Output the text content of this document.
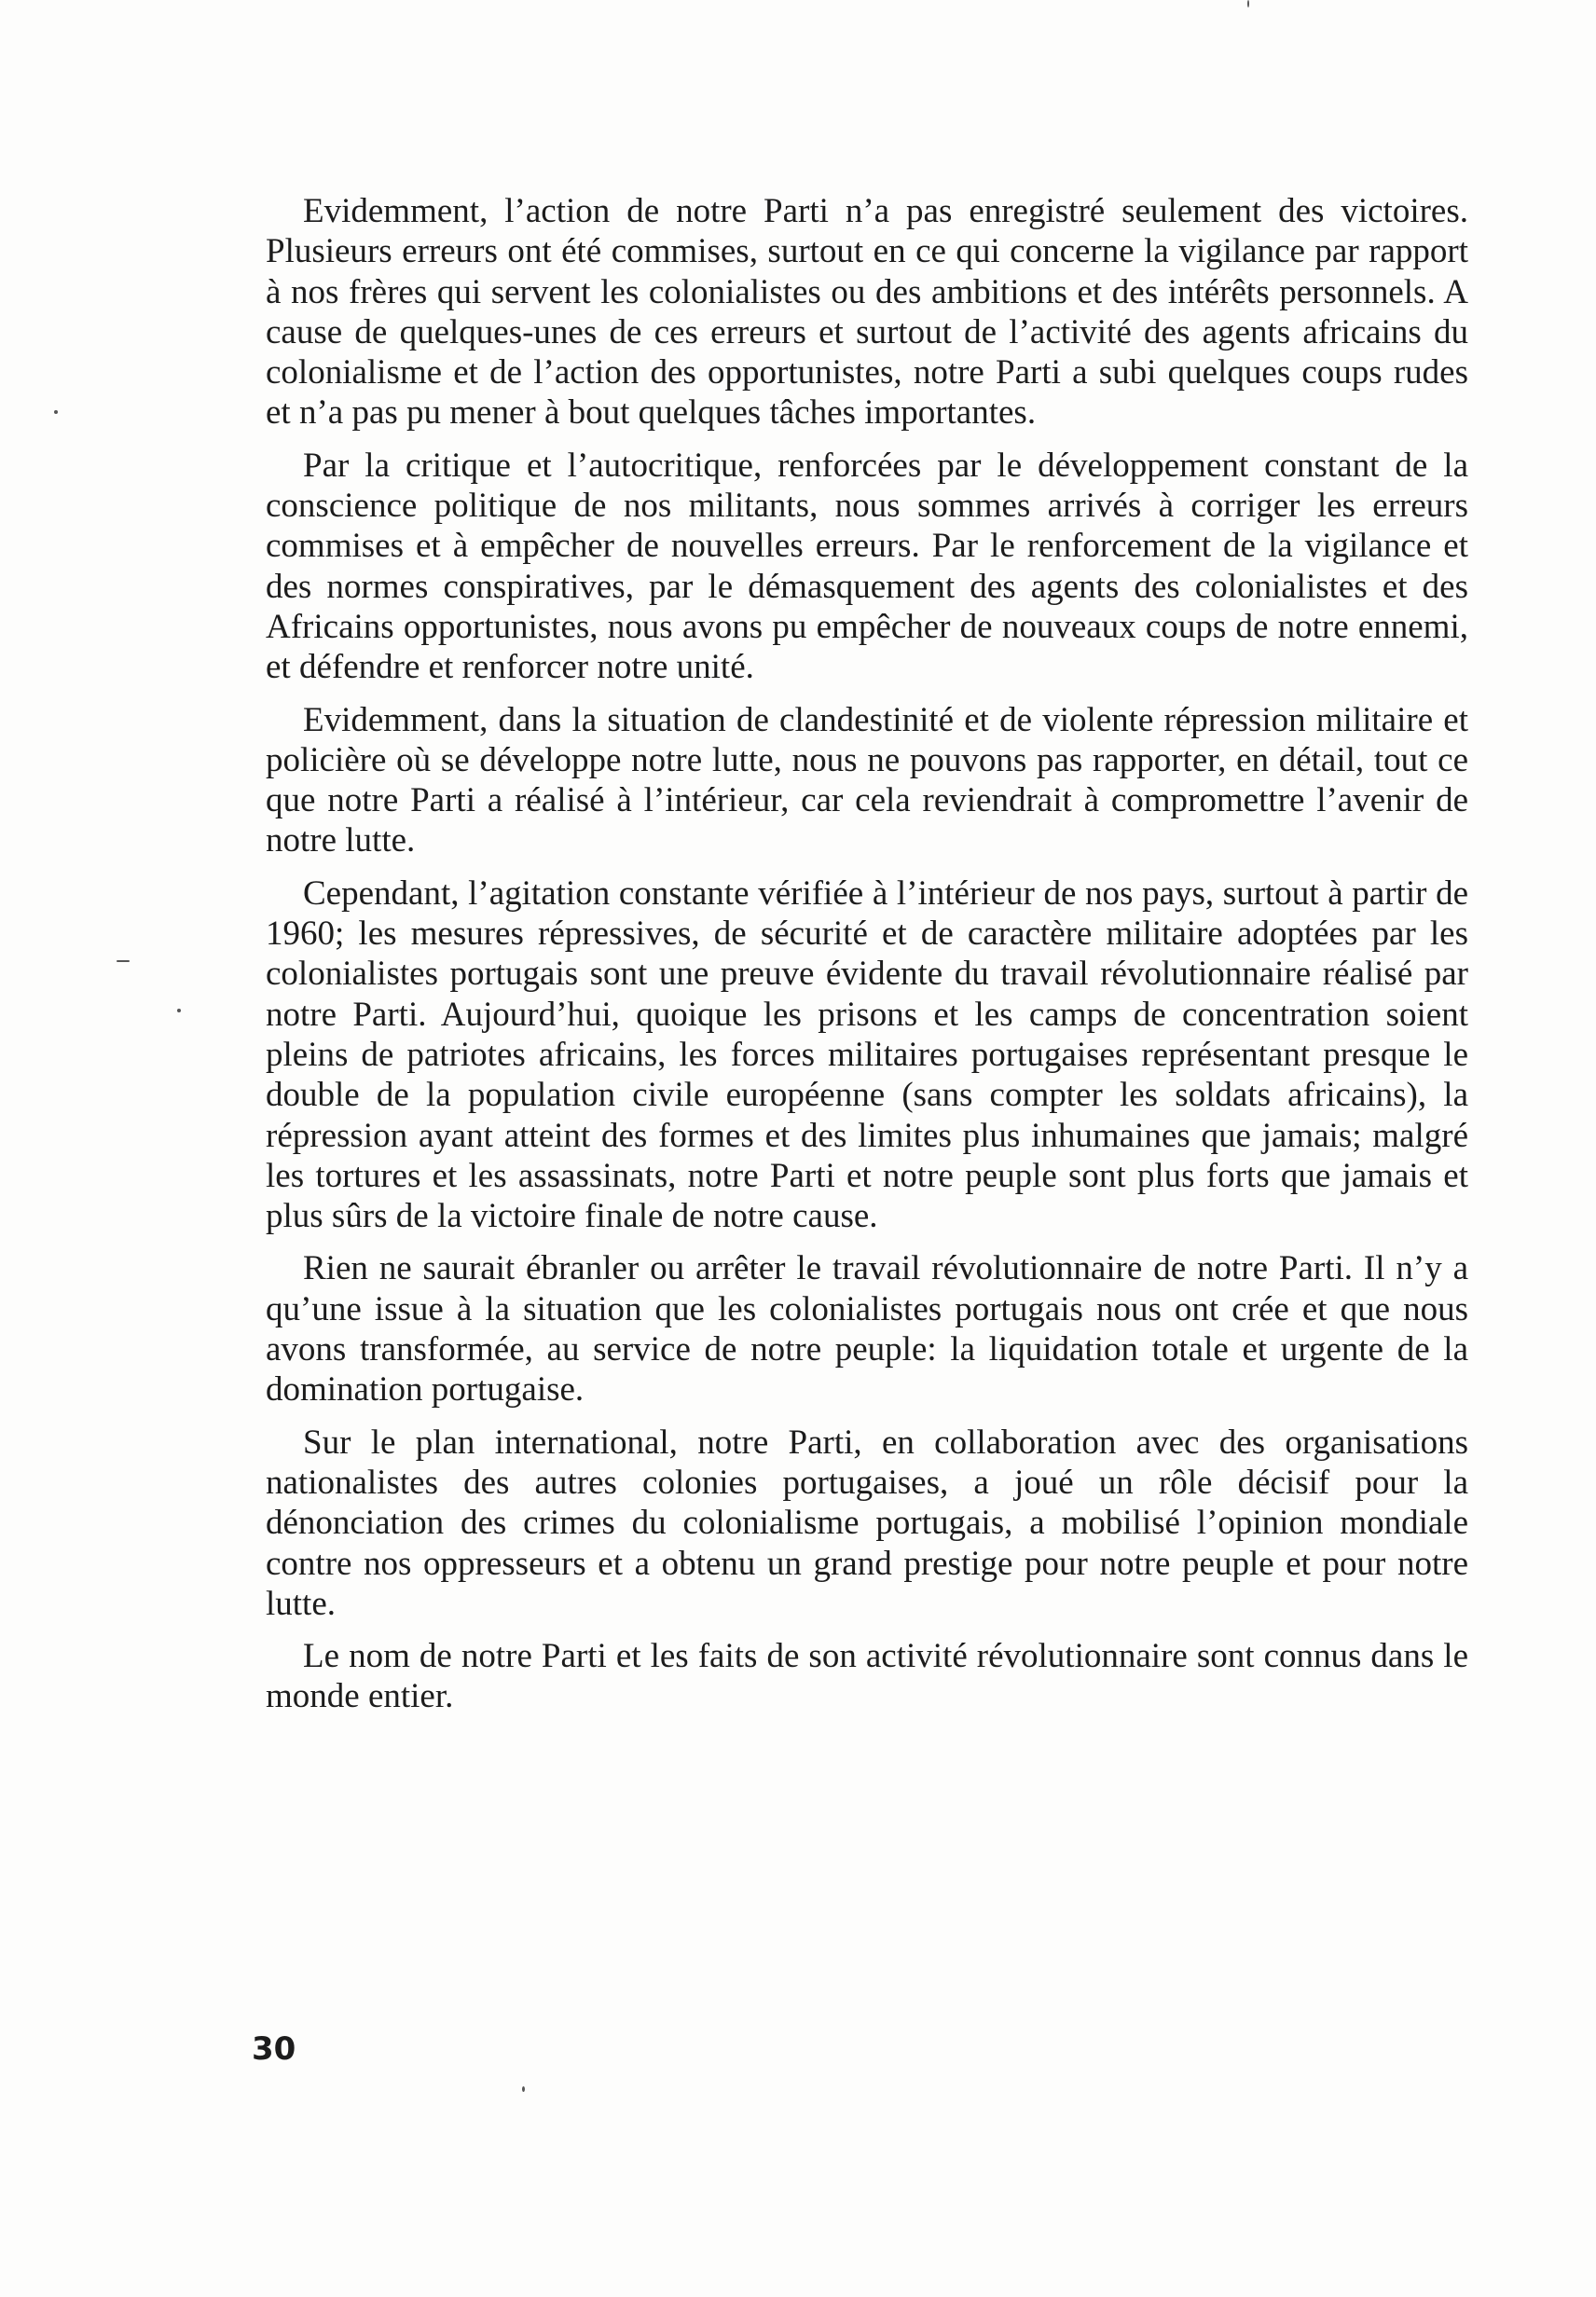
Evidemment, l’action de notre Parti n’a pas enregistré seulement des victoires. Plusieurs erreurs ont été commises, surtout en ce qui concerne la vigilance par rapport à nos frères qui servent les colonialistes ou des ambitions et des intérêts personnels. A cause de quelques-unes de ces erreurs et surtout de l’activité des agents africains du colonialisme et de l’action des opportunistes, notre Parti a subi quelques coups rudes et n’a pas pu mener à bout quelques tâches importantes.

Par la critique et l’autocritique, renforcées par le développement constant de la conscience politique de nos militants, nous sommes arrivés à corriger les erreurs commises et à empêcher de nouvelles erreurs. Par le renforcement de la vigilance et des normes conspiratives, par le démasquement des agents des colonialistes et des Africains opportunistes, nous avons pu empêcher de nouveaux coups de notre ennemi, et défendre et renforcer notre unité.

Evidemment, dans la situation de clandestinité et de violente répression militaire et policière où se développe notre lutte, nous ne pouvons pas rapporter, en détail, tout ce que notre Parti a réalisé à l’intérieur, car cela reviendrait à compromettre l’avenir de notre lutte.

Cependant, l’agitation constante vérifiée à l’intérieur de nos pays, surtout à partir de 1960; les mesures répressives, de sécurité et de caractère militaire adoptées par les colonialistes portugais sont une preuve évidente du travail révolutionnaire réalisé par notre Parti. Aujourd’hui, quoique les prisons et les camps de concentration soient pleins de patriotes africains, les forces militaires portugaises représentant presque le double de la population civile européenne (sans compter les soldats africains), la répression ayant atteint des formes et des limites plus inhumaines que jamais; malgré les tortures et les assassinats, notre Parti et notre peuple sont plus forts que jamais et plus sûrs de la victoire finale de notre cause.

Rien ne saurait ébranler ou arrêter le travail révolutionnaire de notre Parti. Il n’y a qu’une issue à la situation que les colonialistes portugais nous ont crée et que nous avons transformée, au service de notre peuple: la liquidation totale et urgente de la domination portugaise.

Sur le plan international, notre Parti, en collaboration avec des organisations nationalistes des autres colonies portugaises, a joué un rôle décisif pour la dénonciation des crimes du colonialisme portugais, a mobilisé l’opinion mondiale contre nos oppresseurs et a obtenu un grand prestige pour notre peuple et pour notre lutte.

Le nom de notre Parti et les faits de son activité révolutionnaire sont connus dans le monde entier.

30
